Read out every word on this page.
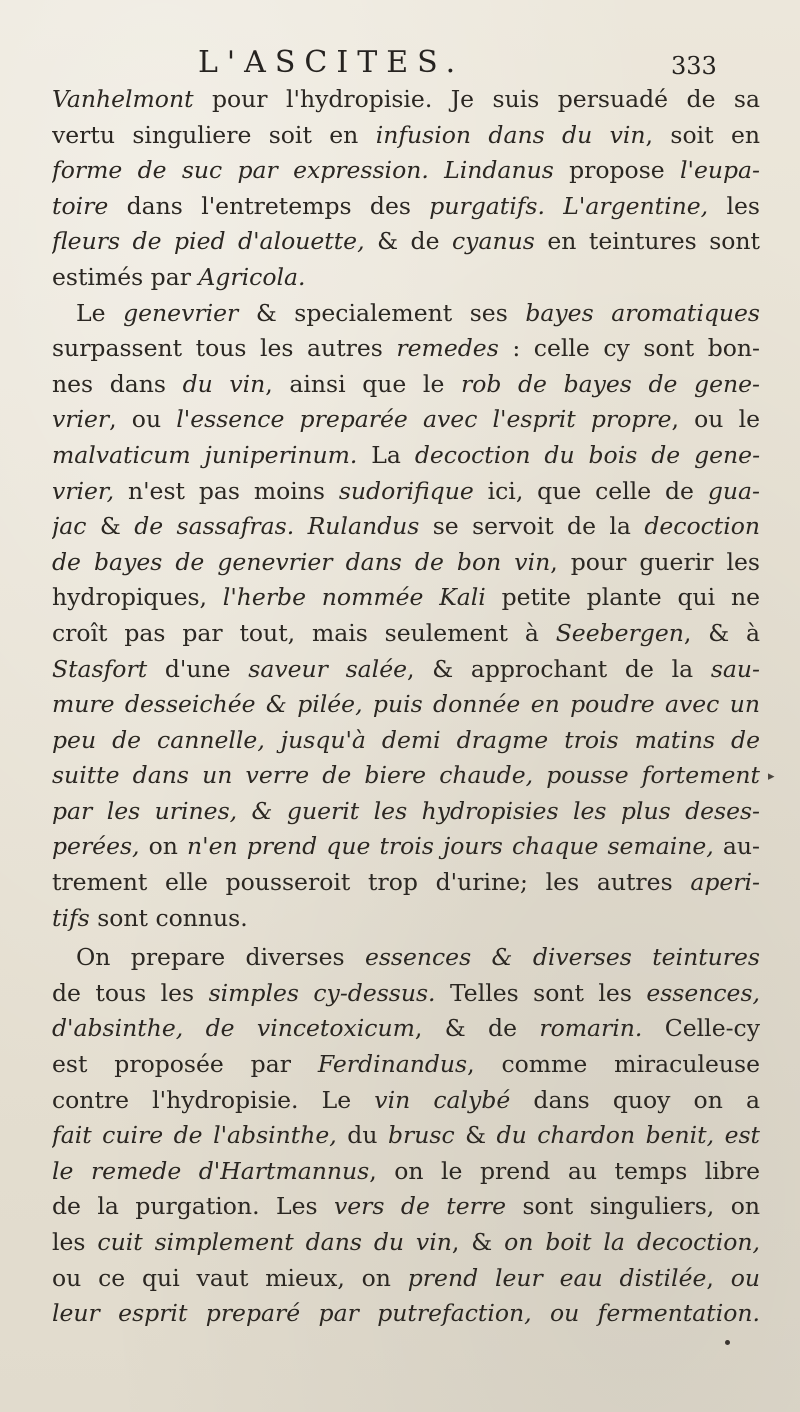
L'ASCITES.	333
Vanhelmont pour l'hydropisie. Je suis persuadé de sa
vertu singuliere soit en infusion dans du vin, soit en
forme de suc par expression. Lindanus propose l'eupa-
toire dans l'entretemps des purgatifs. L'argentine, les
fleurs de pied d'alouette, & de cyanus en teintures sont
estimés par Agricola.
Le genevrier & specialement ses bayes aromatiques
surpassent tous les autres remedes : celle cy sont bon-
nes dans du vin, ainsi que le rob de bayes de gene-
vrier, ou l'essence preparée avec l'esprit propre, ou le
malvaticum juniperinum. La decoction du bois de gene-
vrier, n'est pas moins sudorifique ici, que celle de gua-
jac & de sassafras. Rulandus se servoit de la decoction
de bayes de genevrier dans de bon vin, pour guerir les
hydropiques, l'herbe nommée Kali petite plante qui ne
croît pas par tout, mais seulement à Seebergen, & à
Stasfort d'une saveur salée, & approchant de la sau-
mure desseichée & pilée, puis donnée en poudre avec un
peu de cannelle, jusqu'à demi dragme trois matins de
suitte dans un verre de biere chaude, pousse fortement
par les urines, & guerit les hydropisies les plus deses-
perées, on n'en prend que trois jours chaque semaine, au-
trement elle pousseroit trop d'urine; les autres aperi-
tifs sont connus.
On prepare diverses essences & diverses teintures
de tous les simples cy-dessus. Telles sont les essences,
d'absinthe, de vincetoxicum, & de romarin. Celle-cy
est proposée par Ferdinandus, comme miraculeuse
contre l'hydropisie. Le vin calybé dans quoy on a
fait cuire de l'absinthe, du brusc & du chardon benit, est
le remede d'Hartmannus, on le prend au temps libre
de la purgation. Les vers de terre sont singuliers, on
les cuit simplement dans du vin, & on boit la decoction,
ou ce qui vaut mieux, on prend leur eau distilée, ou
leur esprit preparé par putrefaction, ou fermentation.
▸
